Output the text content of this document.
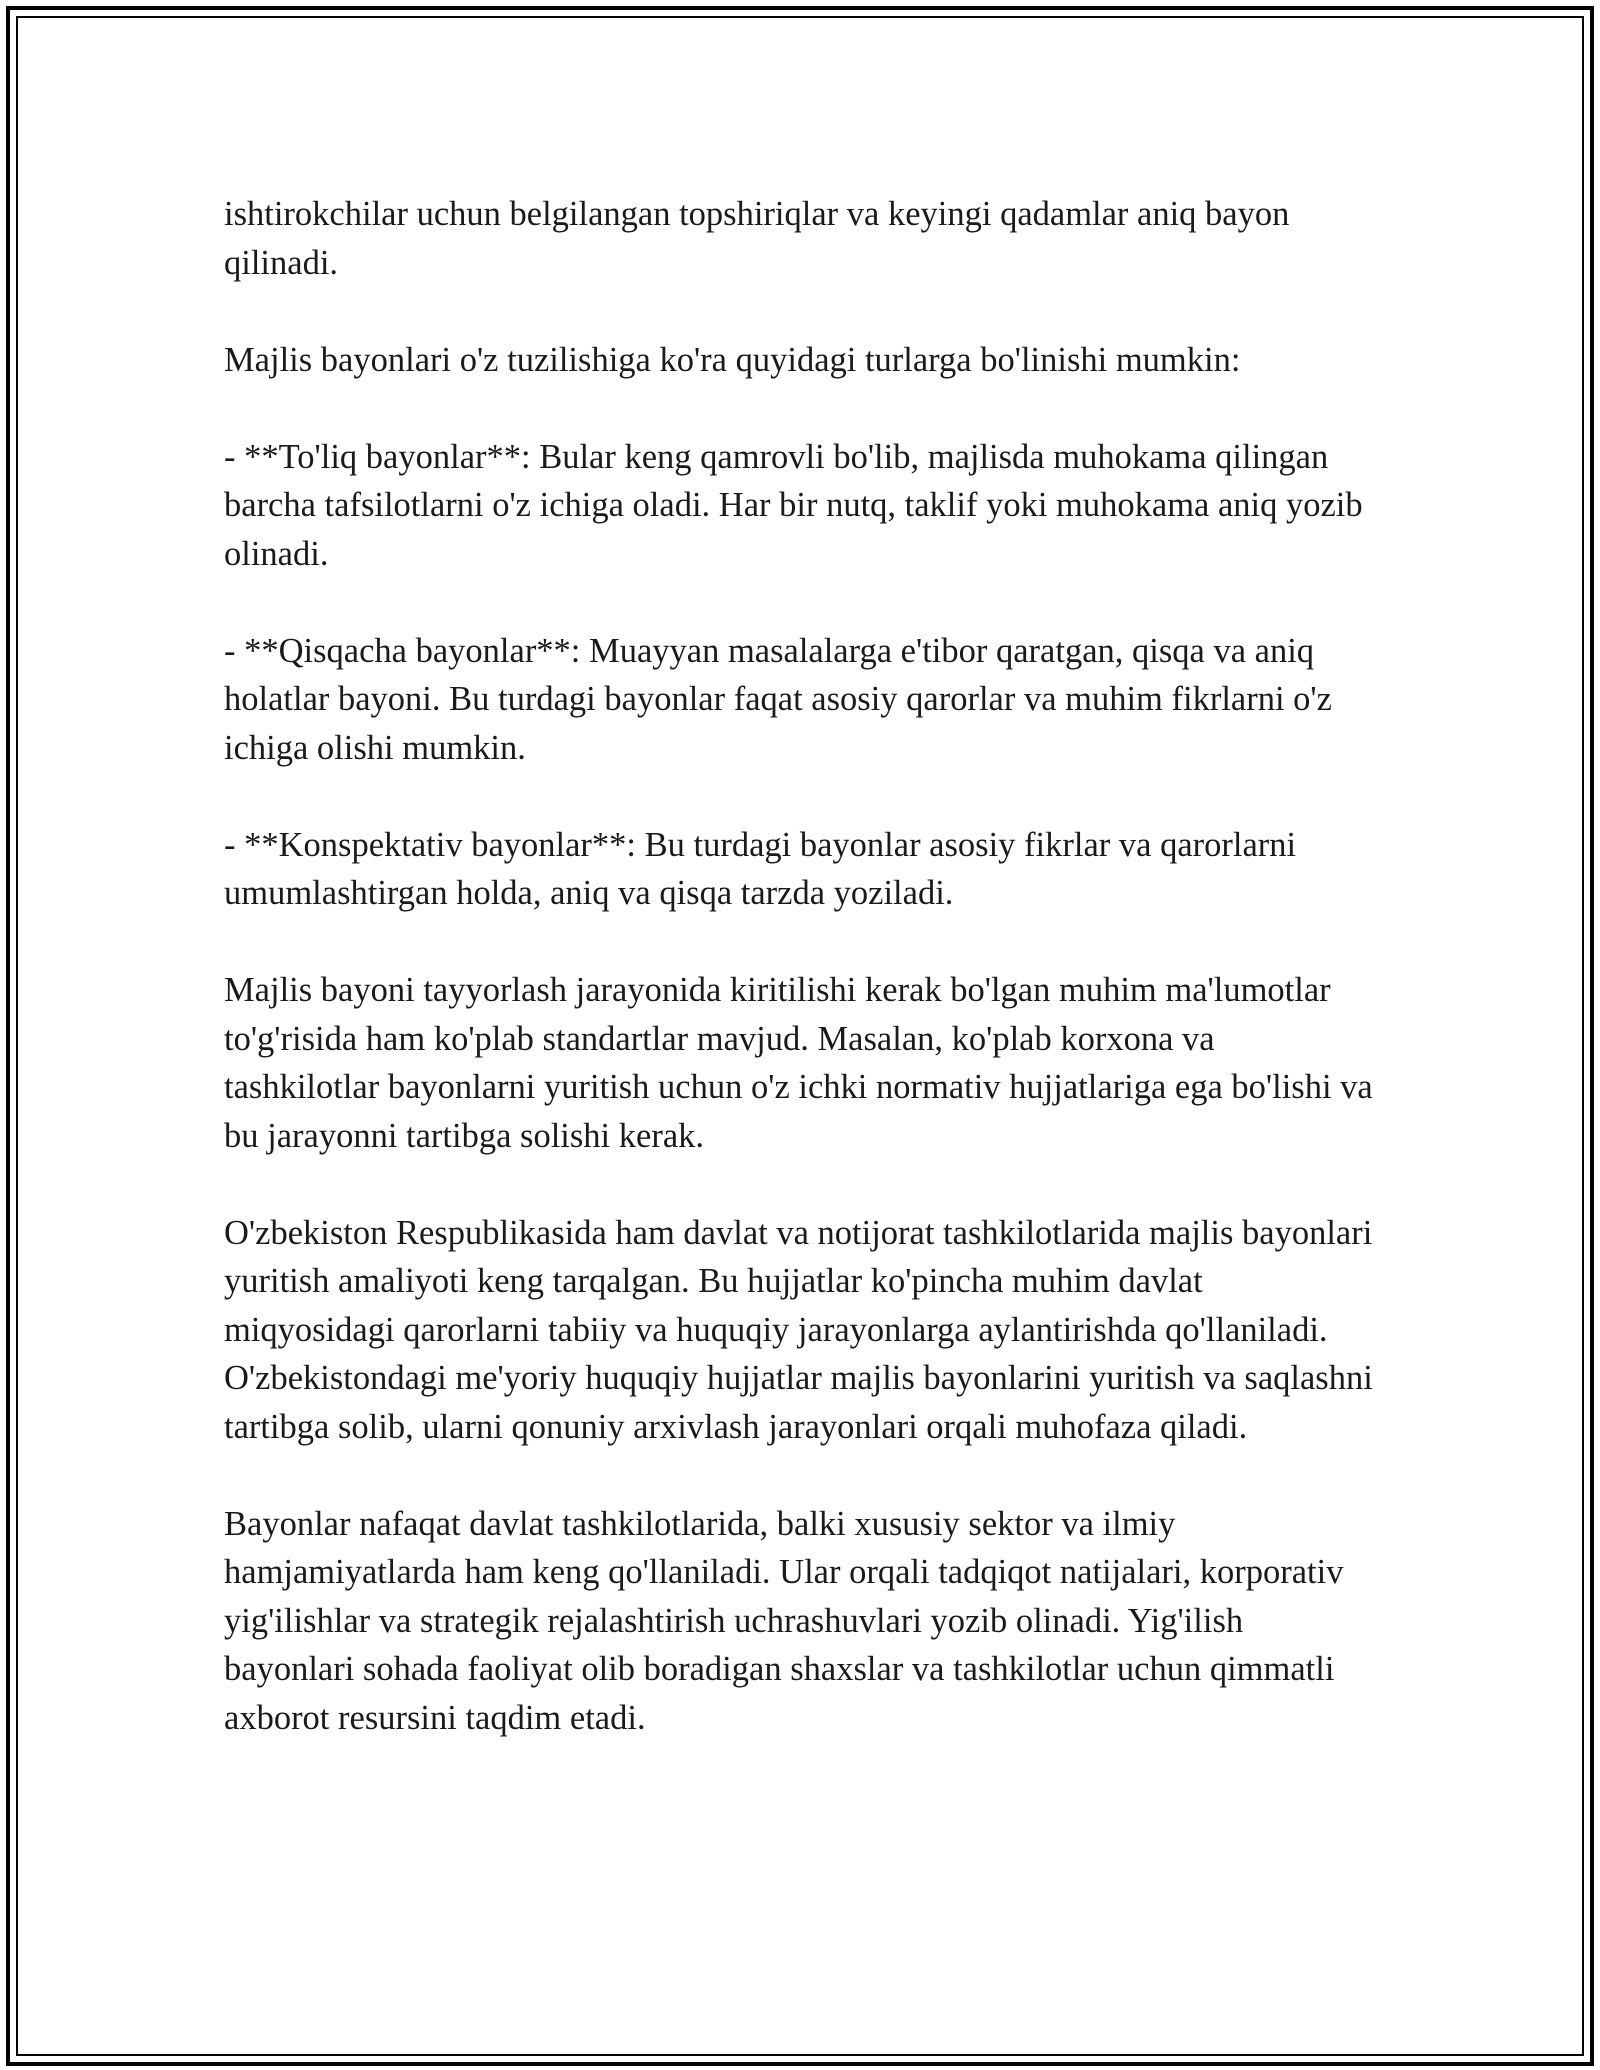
ishtirokchilar uchun belgilangan topshiriqlar va keyingi qadamlar aniq bayon qilinadi.

Majlis bayonlari o'z tuzilishiga ko'ra quyidagi turlarga bo'linishi mumkin:

- **To'liq bayonlar**: Bular keng qamrovli bo'lib, majlisda muhokama qilingan barcha tafsilotlarni o'z ichiga oladi. Har bir nutq, taklif yoki muhokama aniq yozib olinadi.

- **Qisqacha bayonlar**: Muayyan masalalarga e'tibor qaratgan, qisqa va aniq holatlar bayoni. Bu turdagi bayonlar faqat asosiy qarorlar va muhim fikrlarni o'z ichiga olishi mumkin.

- **Konspektativ bayonlar**: Bu turdagi bayonlar asosiy fikrlar va qarorlarni umumlashtirgan holda, aniq va qisqa tarzda yoziladi.

Majlis bayoni tayyorlash jarayonida kiritilishi kerak bo'lgan muhim ma'lumotlar to'g'risida ham ko'plab standartlar mavjud. Masalan, ko'plab korxona va tashkilotlar bayonlarni yuritish uchun o'z ichki normativ hujjatlariga ega bo'lishi va bu jarayonni tartibga solishi kerak.

O'zbekiston Respublikasida ham davlat va notijorat tashkilotlarida majlis bayonlari yuritish amaliyoti keng tarqalgan. Bu hujjatlar ko'pincha muhim davlat miqyosidagi qarorlarni tabiiy va huquqiy jarayonlarga aylantirishda qo'llaniladi. O'zbekistondagi me'yoriy huquqiy hujjatlar majlis bayonlarini yuritish va saqlashni tartibga solib, ularni qonuniy arxivlash jarayonlari orqali muhofaza qiladi.

Bayonlar nafaqat davlat tashkilotlarida, balki xususiy sektor va ilmiy hamjamiyatlarda ham keng qo'llaniladi. Ular orqali tadqiqot natijalari, korporativ yig'ilishlar va strategik rejalashtirish uchrashuvlari yozib olinadi. Yig'ilish bayonlari sohada faoliyat olib boradigan shaxslar va tashkilotlar uchun qimmatli axborot resursini taqdim etadi.
